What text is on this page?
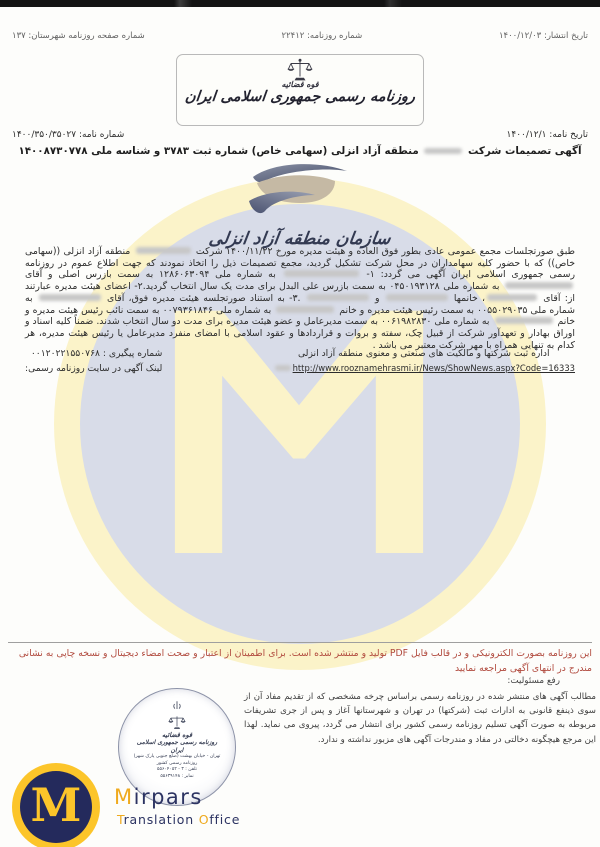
شماره صفحه روزنامه شهرستان: ۱۳۷	شماره روزنامه: ۲۲۴۱۲	تاریخ انتشار: ۱۴۰۰/۱۲/۰۳
قوه قضائیه
روزنامه رسمی جمهوری اسلامی ایران
شماره نامه: ۱۴۰۰/۳۵۰/۳۵۰۲۷	تاریخ نامه: ۱۴۰۰/۱۲/۱
آگهی تصمیمات شرکت  منطقه آزاد انزلی (سهامی خاص) شماره ثبت ۳۷۸۳ و شناسه ملی ۱۴۰۰۸۷۳۰۷۷۸
سازمان منطقه آزاد انزلی
طبق صورتجلسات مجمع عمومی عادی بطور فوق العاده و هیئت مدیره مورخ ۱۴۰۰/۱۱/۲۲ شرکت  منطقه آزاد انزلی ((سهامی خاص)) که با حضور کلیه سهامداران در محل شرکت تشکیل گردید، مجمع تصمیمات ذیل را اتخاذ نمودند که جهت اطلاع عموم در روزنامه رسمی جمهوری اسلامی ایران آگهی می گردد: ۱-  به شماره ملی ۱۲۸۶۰۶۳۰۹۴ به سمت بازرس اصلی و آقای  به شماره ملی ۰۴۵۰۱۹۳۱۲۸ به سمت بازرس علی البدل برای مدت یک سال انتخاب گردید.۲- اعضای هیئت مدیره عبارتند از: آقای ، خانمها  و  .۳- به استناد صورتجلسه هیئت مدیره فوق، آقای  به شماره ملی ۰۰۵۵۰۲۹۰۳۵ به سمت رئیس هیئت مدیره و خانم  به شماره ملی ۰۰۷۹۳۶۱۸۴۶ به سمت نائب رئیس هیئت مدیره و خانم  به شماره ملی ۰۰۶۱۹۸۲۸۳۰ به سمت مدیرعامل و عضو هیئت مدیره برای مدت دو سال انتخاب شدند. ضمناً کلیه اسناد و اوراق بهادار و تعهدآور شرکت از قبیل چک، سفته و بروات و قراردادها و عقود اسلامی با امضای منفرد مدیرعامل یا رئیس هیئت مدیره، هر کدام به تنهایی همراه با مهر شرکت معتبر می باشد .
شماره پیگیری : ۰۰۱۲۰۲۲۱۵۵۰۷۶۸
لینک آگهی در سایت روزنامه رسمی:
اداره ثبت شرکتها و مالکیت های صنعتی و معنوی منطقه آزاد انزلی
http://www.rooznamehrasmi.ir/News/ShowNews.aspx?Code=16333
این روزنامه بصورت الکترونیکی و در قالب فایل PDF تولید و منتشر شده است. برای اطمینان از اعتبار و صحت امضاء دیجیتال و نسخه چاپی به نشانی مندرج در انتهای آگهی مراجعه نمایید
رفع مسئولیت:
مطالب آگهی های منتشر شده در روزنامه رسمی براساس چرخه مشخصی که از تقدیم مفاد آن از سوی ذینفع قانونی به ادارات ثبت (شرکتها) در تهران و شهرستانها آغاز و پس از جری تشریفات مربوطه به صورت آگهی تسلیم روزنامه رسمی کشور برای انتشار می گردد، پیروی می نماید. لهذا این مرجع هیچگونه دخالتی در مفاد و مندرجات آگهی های مزبور نداشته و ندارد.
قوه قضائیه
روزنامه رسمی جمهوری اسلامی ایران
تهران - خیابان بهشت (ضلع جنوبی پارک شهر)
روزنامه رسمی کشور
تلفن : ۳ - ۵۵۶۰۴۰۵۲
نمابر : ۵۵۶۳۹۱۴۸
M Mirpars
Translation Office
